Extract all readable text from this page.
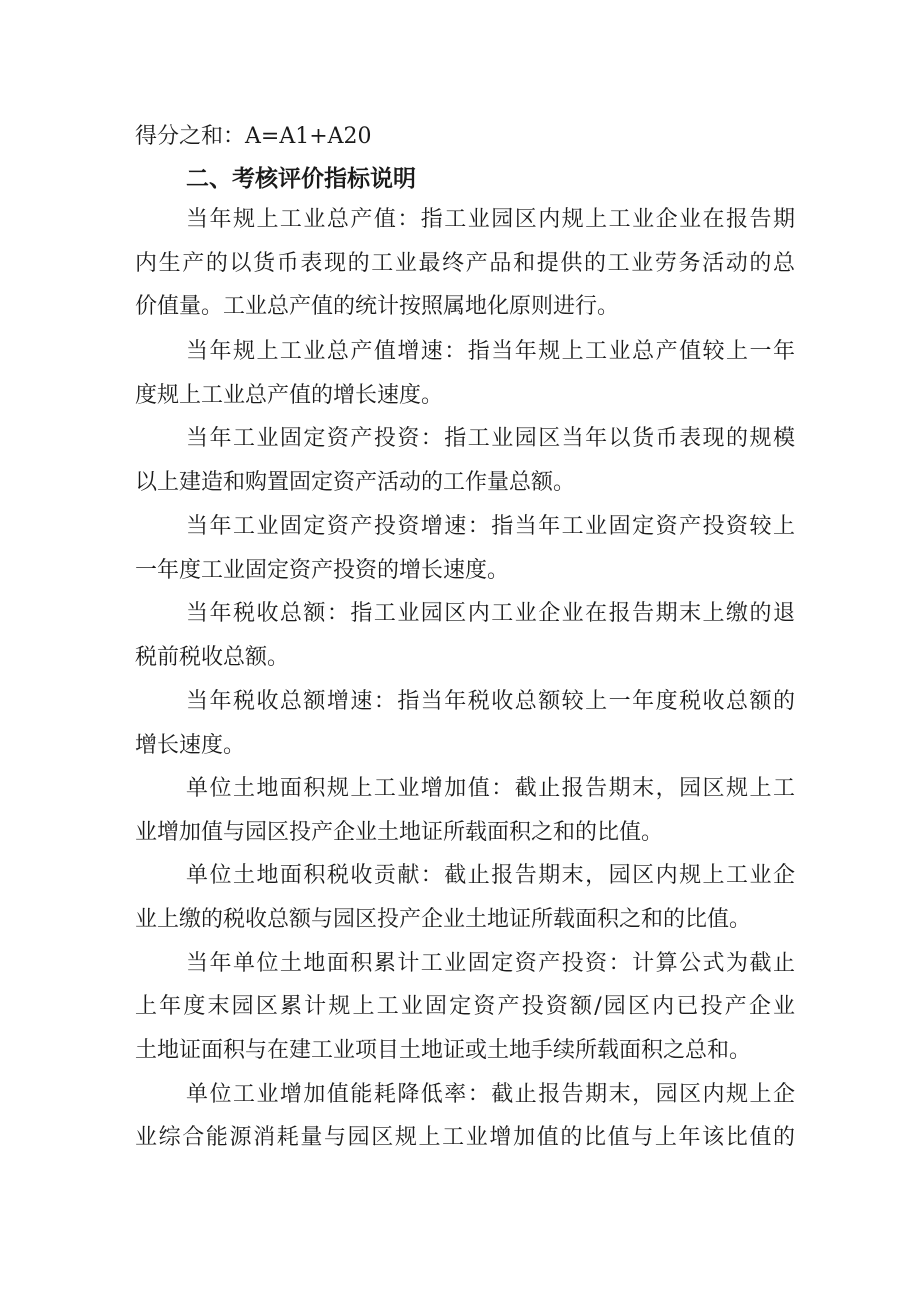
得分之和：A=A1+A20
二、考核评价指标说明
当年规上工业总产值：指工业园区内规上工业企业在报告期
内生产的以货币表现的工业最终产品和提供的工业劳务活动的总
价值量。工业总产值的统计按照属地化原则进行。
当年规上工业总产值增速：指当年规上工业总产值较上一年
度规上工业总产值的增长速度。
当年工业固定资产投资：指工业园区当年以货币表现的规模
以上建造和购置固定资产活动的工作量总额。
当年工业固定资产投资增速：指当年工业固定资产投资较上
一年度工业固定资产投资的增长速度。
当年税收总额：指工业园区内工业企业在报告期末上缴的退
税前税收总额。
当年税收总额增速：指当年税收总额较上一年度税收总额的
增长速度。
单位土地面积规上工业增加值：截止报告期末，园区规上工
业增加值与园区投产企业土地证所载面积之和的比值。
单位土地面积税收贡献：截止报告期末，园区内规上工业企
业上缴的税收总额与园区投产企业土地证所载面积之和的比值。
当年单位土地面积累计工业固定资产投资：计算公式为截止
上年度末园区累计规上工业固定资产投资额/园区内已投产企业
土地证面积与在建工业项目土地证或土地手续所载面积之总和。
单位工业增加值能耗降低率：截止报告期末，园区内规上企
业综合能源消耗量与园区规上工业增加值的比值与上年该比值的
